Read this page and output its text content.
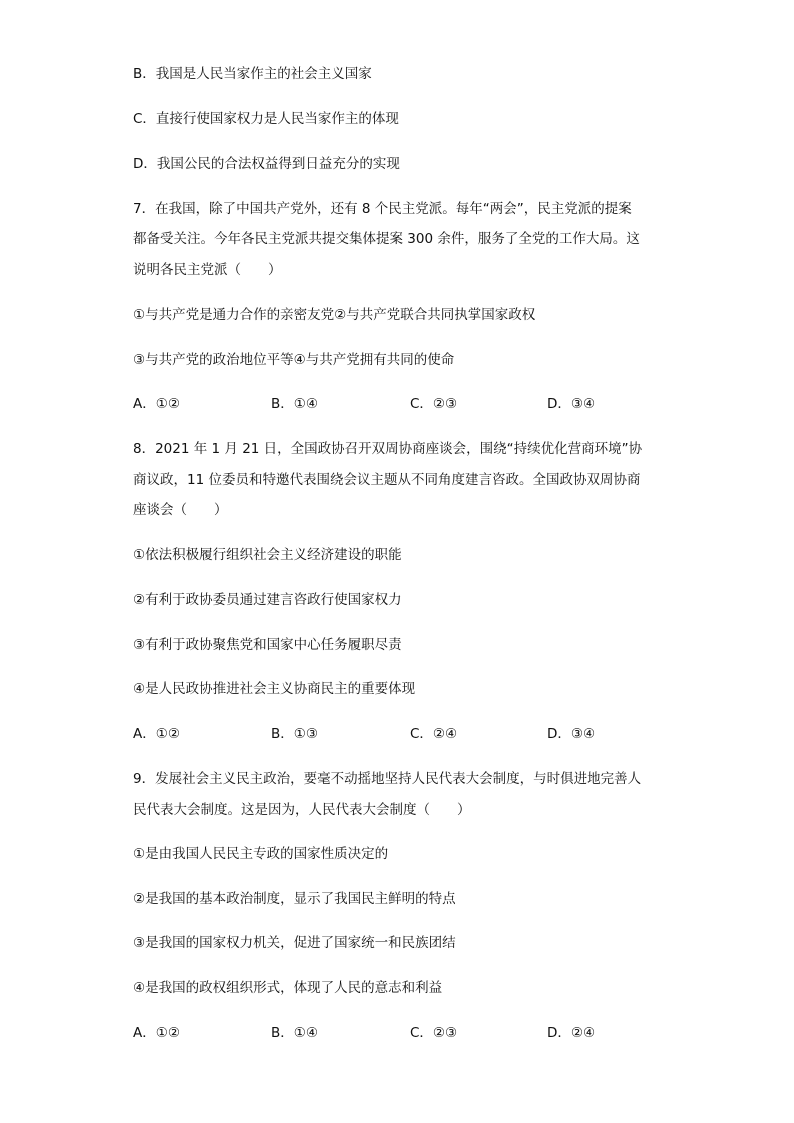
B．我国是人民当家作主的社会主义国家
C．直接行使国家权力是人民当家作主的体现
D．我国公民的合法权益得到日益充分的实现
7．在我国，除了中国共产党外，还有 8 个民主党派。每年“两会”，民主党派的提案
都备受关注。今年各民主党派共提交集体提案 300 余件，服务了全党的工作大局。这
说明各民主党派（　　）
①与共产党是通力合作的亲密友党②与共产党联合共同执掌国家政权
③与共产党的政治地位平等④与共产党拥有共同的使命

A．①②

	B．①④

	C．②③

	D．③④

8．2021 年 1 月 21 日，全国政协召开双周协商座谈会，围绕“持续优化营商环境”协
商议政，11 位委员和特邀代表围绕会议主题从不同角度建言咨政。全国政协双周协商
座谈会（　　）
①依法积极履行组织社会主义经济建设的职能
②有利于政协委员通过建言咨政行使国家权力
③有利于政协聚焦党和国家中心任务履职尽责
④是人民政协推进社会主义协商民主的重要体现

A．①②

	B．①③

	C．②④

	D．③④

9．发展社会主义民主政治，要毫不动摇地坚持人民代表大会制度，与时俱进地完善人
民代表大会制度。这是因为，人民代表大会制度（　　）
①是由我国人民民主专政的国家性质决定的
②是我国的基本政治制度，显示了我国民主鲜明的特点
③是我国的国家权力机关，促进了国家统一和民族团结
④是我国的政权组织形式，体现了人民的意志和利益

A．①②

	B．①④

	C．②③

	D．②④
